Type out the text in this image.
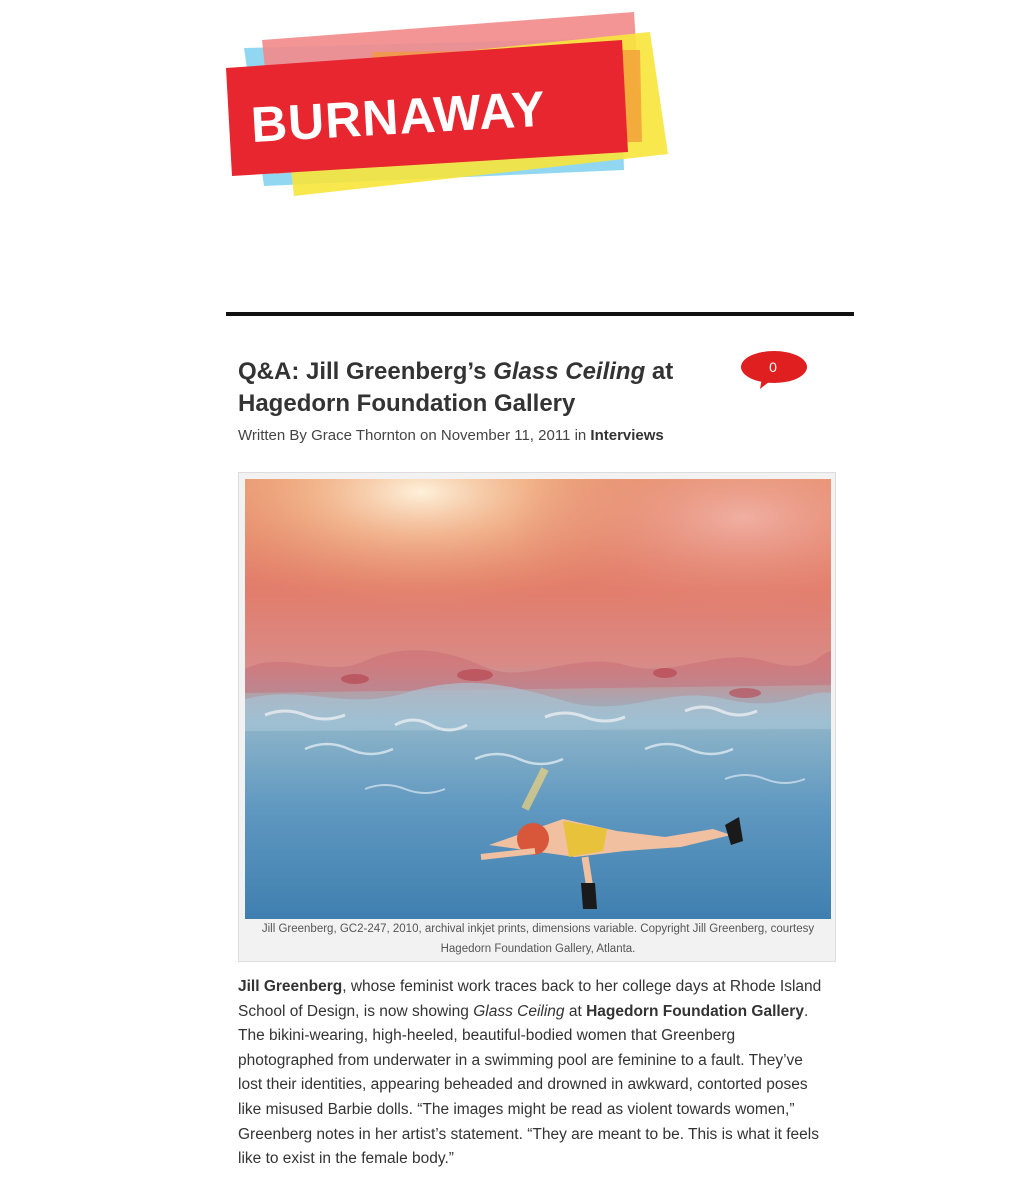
BURNAWAY
Q&A: Jill Greenberg’s Glass Ceiling at Hagedorn Foundation Gallery
0
Written By Grace Thornton on November 11, 2011 in Interviews
Jill Greenberg, GC2-247, 2010, archival inkjet prints, dimensions variable. Copyright Jill Greenberg, courtesy Hagedorn Foundation Gallery, Atlanta.

Jill Greenberg, whose feminist work traces back to her college days at Rhode Island School of Design, is now showing Glass Ceiling at Hagedorn Foundation Gallery. The bikini-wearing, high-heeled, beautiful-bodied women that Greenberg photographed from underwater in a swimming pool are feminine to a fault. They’ve lost their identities, appearing beheaded and drowned in awkward, contorted poses like misused Barbie dolls. “The images might be read as violent towards women,” Greenberg notes in her artist’s statement. “They are meant to be. This is what it feels like to exist in the female body.”
